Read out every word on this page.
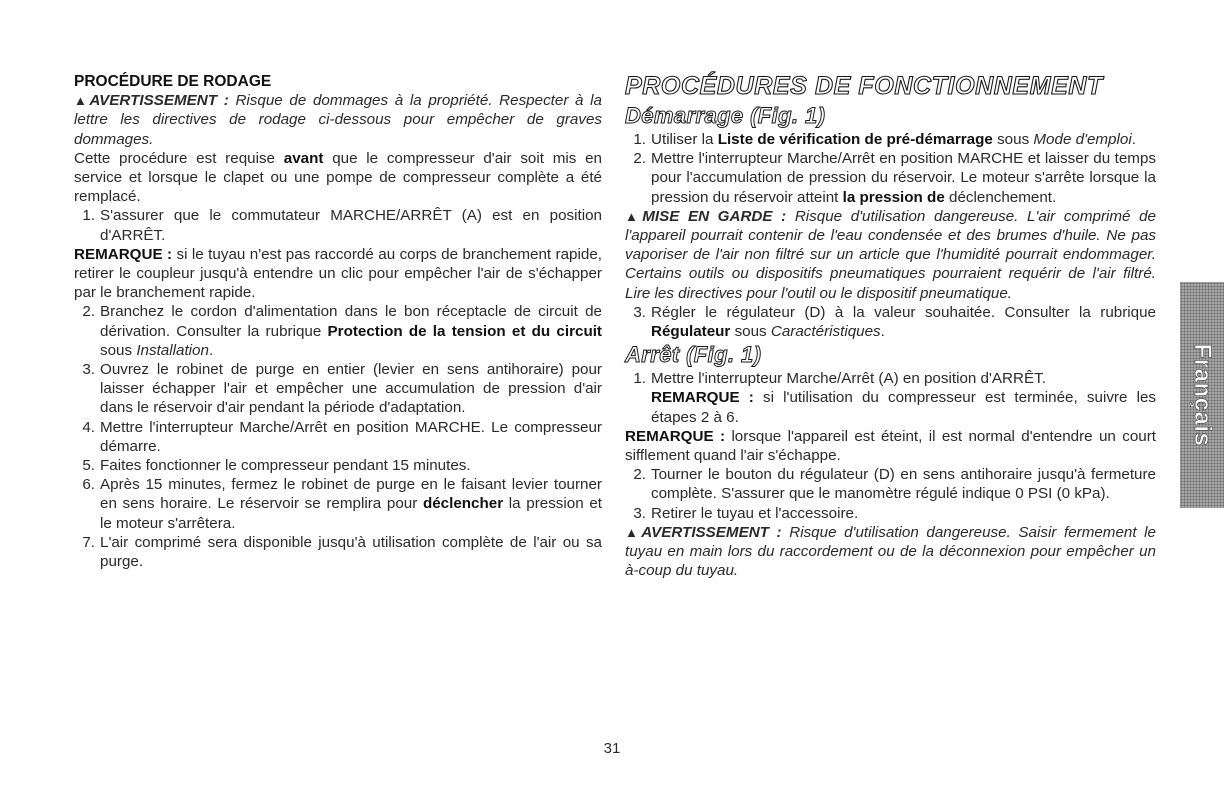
PROCÉDURE DE RODAGE

▲AVERTISSEMENT : Risque de dommages à la propriété. Respecter à la lettre les directives de rodage ci-dessous pour empêcher de graves dommages.

Cette procédure est requise avant que le compresseur d'air soit mis en service et lorsque le clapet ou une pompe de compresseur complète a été remplacé.

1. S'assurer que le commutateur MARCHE/ARRÊT (A) est en position d'ARRÊT.

REMARQUE : si le tuyau n'est pas raccordé au corps de branchement rapide, retirer le coupleur jusqu'à entendre un clic pour empêcher l'air de s'échapper par le branchement rapide.

2. Branchez le cordon d'alimentation dans le bon réceptacle de circuit de dérivation. Consulter la rubrique Protection de la tension et du circuit sous Installation.
3. Ouvrez le robinet de purge en entier (levier en sens antihoraire) pour laisser échapper l'air et empêcher une accumulation de pression d'air dans le réservoir d'air pendant la période d'adaptation.
4. Mettre l'interrupteur Marche/Arrêt en position MARCHE. Le compresseur démarre.
5. Faites fonctionner le compresseur pendant 15 minutes.
6. Après 15 minutes, fermez le robinet de purge en le faisant levier tourner en sens horaire. Le réservoir se remplira pour déclencher la pression et le moteur s'arrêtera.
7. L'air comprimé sera disponible jusqu'à utilisation complète de l'air ou sa purge.
PROCÉDURES DE FONCTIONNEMENT
Démarrage (Fig. 1)
1. Utiliser la Liste de vérification de pré-démarrage sous Mode d'emploi.
2. Mettre l'interrupteur Marche/Arrêt en position MARCHE et laisser du temps pour l'accumulation de pression du réservoir. Le moteur s'arrête lorsque la pression du réservoir atteint la pression de déclenchement.

▲MISE EN GARDE : Risque d'utilisation dangereuse. L'air comprimé de l'appareil pourrait contenir de l'eau condensée et des brumes d'huile. Ne pas vaporiser de l'air non filtré sur un article que l'humidité pourrait endommager. Certains outils ou dispositifs pneumatiques pourraient requérir de l'air filtré. Lire les directives pour l'outil ou le dispositif pneumatique.

3. Régler le régulateur (D) à la valeur souhaitée. Consulter la rubrique Régulateur sous Caractéristiques.
Arrêt (Fig. 1)
1. Mettre l'interrupteur Marche/Arrêt (A) en position d'ARRÊT.
REMARQUE : si l'utilisation du compresseur est terminée, suivre les étapes 2 à 6.

REMARQUE : lorsque l'appareil est éteint, il est normal d'entendre un court sifflement quand l'air s'échappe.

2. Tourner le bouton du régulateur (D) en sens antihoraire jusqu'à fermeture complète. S'assurer que le manomètre régulé indique 0 PSI (0 kPa).
3. Retirer le tuyau et l'accessoire.

▲AVERTISSEMENT : Risque d'utilisation dangereuse. Saisir fermement le tuyau en main lors du raccordement ou de la déconnexion pour empêcher un à-coup du tuyau.

Français
31
